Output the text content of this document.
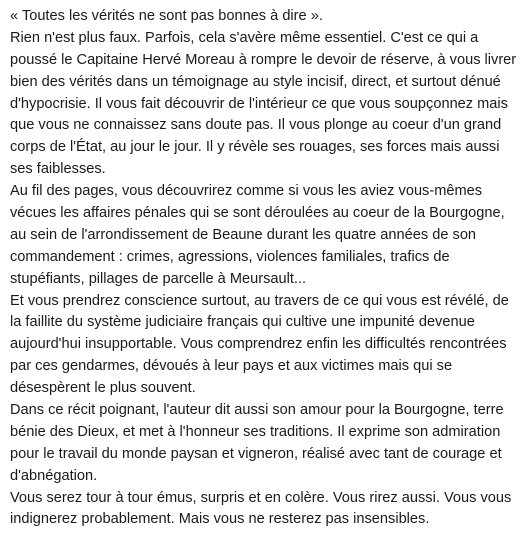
« Toutes les vérités ne sont pas bonnes à dire ».
Rien n'est plus faux. Parfois, cela s'avère même essentiel. C'est ce qui a
poussé le Capitaine Hervé Moreau à rompre le devoir de réserve, à vous livrer
bien des vérités dans un témoignage au style incisif, direct, et surtout dénué
d'hypocrisie. Il vous fait découvrir de l'intérieur ce que vous soupçonnez mais
que vous ne connaissez sans doute pas. Il vous plonge au coeur d'un grand
corps de l'État, au jour le jour. Il y révèle ses rouages, ses forces mais aussi
ses faiblesses.
Au fil des pages, vous découvrirez comme si vous les aviez vous-mêmes
vécues les affaires pénales qui se sont déroulées au coeur de la Bourgogne,
au sein de l'arrondissement de Beaune durant les quatre années de son
commandement : crimes, agressions, violences familiales, trafics de
stupéfiants, pillages de parcelle à Meursault...
Et vous prendrez conscience surtout, au travers de ce qui vous est révélé, de
la faillite du système judiciaire français qui cultive une impunité devenue
aujourd'hui insupportable. Vous comprendrez enfin les difficultés rencontrées
par ces gendarmes, dévoués à leur pays et aux victimes mais qui se
désespèrent le plus souvent.
Dans ce récit poignant, l'auteur dit aussi son amour pour la Bourgogne, terre
bénie des Dieux, et met à l'honneur ses traditions. Il exprime son admiration
pour le travail du monde paysan et vigneron, réalisé avec tant de courage et
d'abnégation.
Vous serez tour à tour émus, surpris et en colère. Vous rirez aussi. Vous vous
indignerez probablement. Mais vous ne resterez pas insensibles.
